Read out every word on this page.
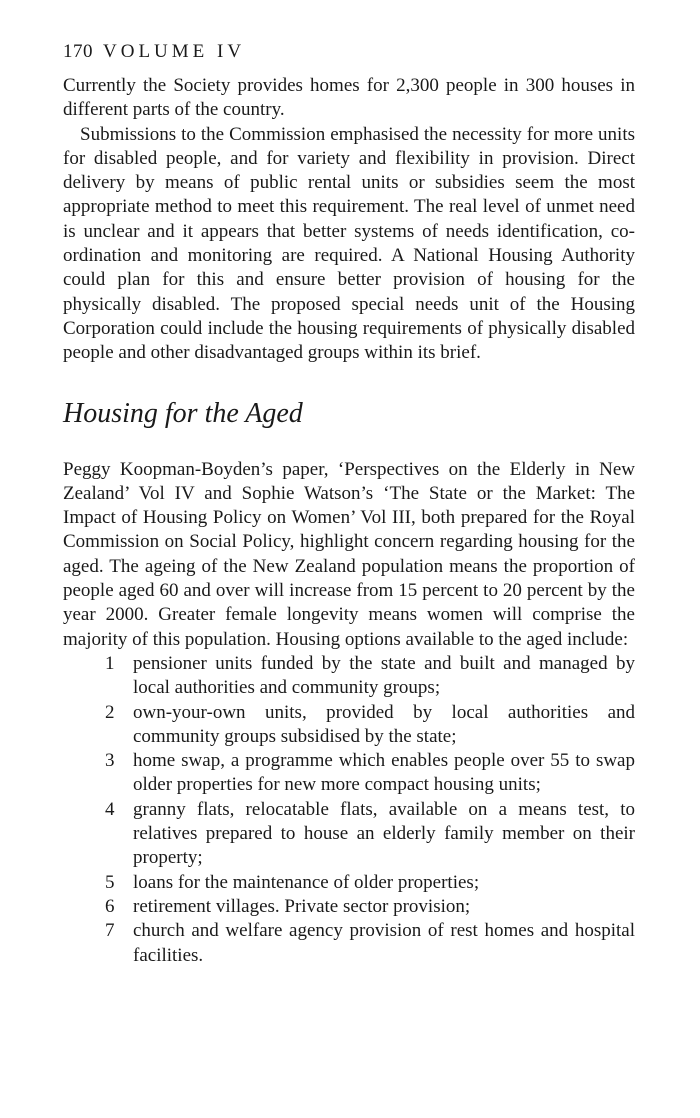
170 VOLUME IV

Currently the Society provides homes for 2,300 people in 300 houses in different parts of the country.

Submissions to the Commission emphasised the necessity for more units for disabled people, and for variety and flexibility in provision. Direct delivery by means of public rental units or subsidies seem the most appropriate method to meet this requirement. The real level of unmet need is unclear and it appears that better systems of needs identification, co-ordination and monitoring are required. A National Housing Authority could plan for this and ensure better provision of housing for the physically disabled. The proposed special needs unit of the Housing Corporation could include the housing requirements of physically disabled people and other disadvantaged groups within its brief.

Housing for the Aged

Peggy Koopman-Boyden’s paper, ‘Perspectives on the Elderly in New Zealand’ Vol IV and Sophie Watson’s ‘The State or the Market: The Impact of Housing Policy on Women’ Vol III, both prepared for the Royal Commission on Social Policy, highlight concern regarding housing for the aged. The ageing of the New Zealand population means the proportion of people aged 60 and over will increase from 15 percent to 20 percent by the year 2000. Greater female longevity means women will comprise the majority of this population. Housing options available to the aged include:

1 pensioner units funded by the state and built and managed by local authorities and community groups;
2 own-your-own units, provided by local authorities and community groups subsidised by the state;
3 home swap, a programme which enables people over 55 to swap older properties for new more compact housing units;
4 granny flats, relocatable flats, available on a means test, to relatives prepared to house an elderly family member on their property;
5 loans for the maintenance of older properties;
6 retirement villages. Private sector provision;
7 church and welfare agency provision of rest homes and hospital facilities.
